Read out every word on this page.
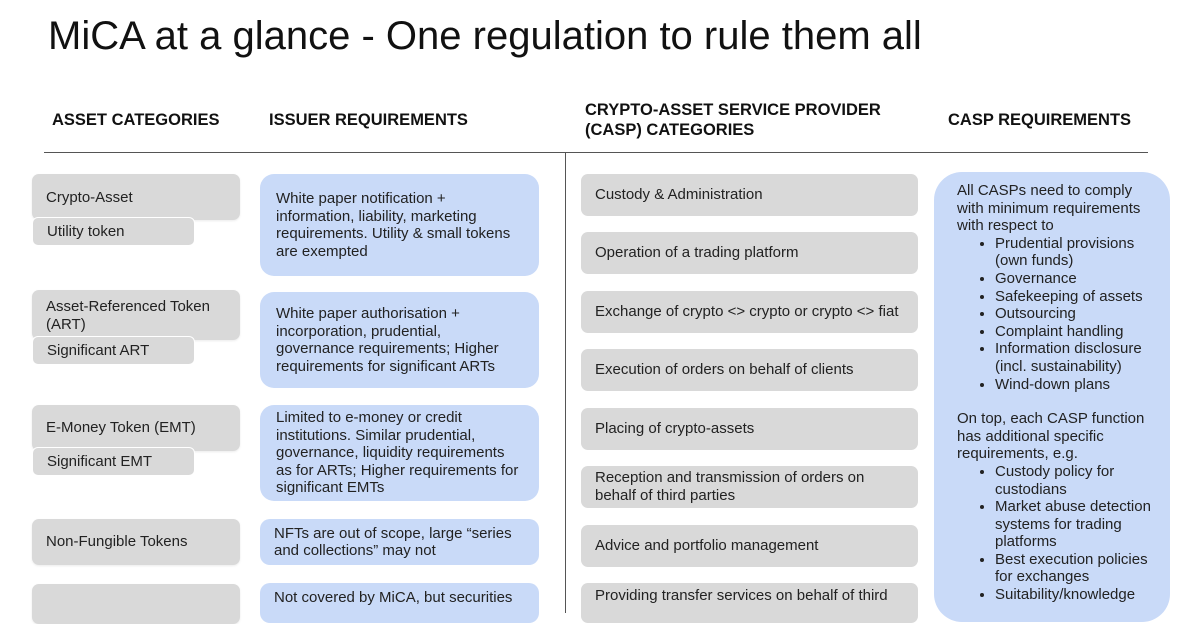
MiCA at a glance - One regulation to rule them all
ASSET CATEGORIES	ISSUER REQUIREMENTS
CRYPTO-ASSET SERVICE PROVIDER
(CASP) CATEGORIES
CASP REQUIREMENTS
Crypto-Asset
Utility token
Asset-Referenced Token (ART)
Significant ART
E-Money Token (EMT)
Significant EMT
Non-Fungible Tokens
White paper notification + information, liability, marketing requirements. Utility & small tokens are exempted
White paper authorisation + incorporation, prudential, governance requirements; Higher requirements for significant ARTs
Limited to e-money or credit institutions. Similar prudential, governance, liquidity requirements as for ARTs; Higher requirements for significant EMTs
NFTs are out of scope, large “series and collections” may not
Not covered by MiCA, but securities
Custody & Administration
Operation of a trading platform
Exchange of crypto <> crypto or crypto <> fiat
Execution of orders on behalf of clients
Placing of crypto-assets
Reception and transmission of orders on behalf of third parties
Advice and portfolio management
Providing transfer services on behalf of third

All CASPs need to comply with minimum requirements with respect to

• Prudential provisions (own funds)
• Governance
• Safekeeping of assets
• Outsourcing
• Complaint handling
• Information disclosure (incl. sustainability)
• Wind-down plans

On top, each CASP function has additional specific requirements, e.g.

• Custody policy for custodians
• Market abuse detection systems for trading platforms
• Best execution policies for exchanges
• Suitability/knowledge
